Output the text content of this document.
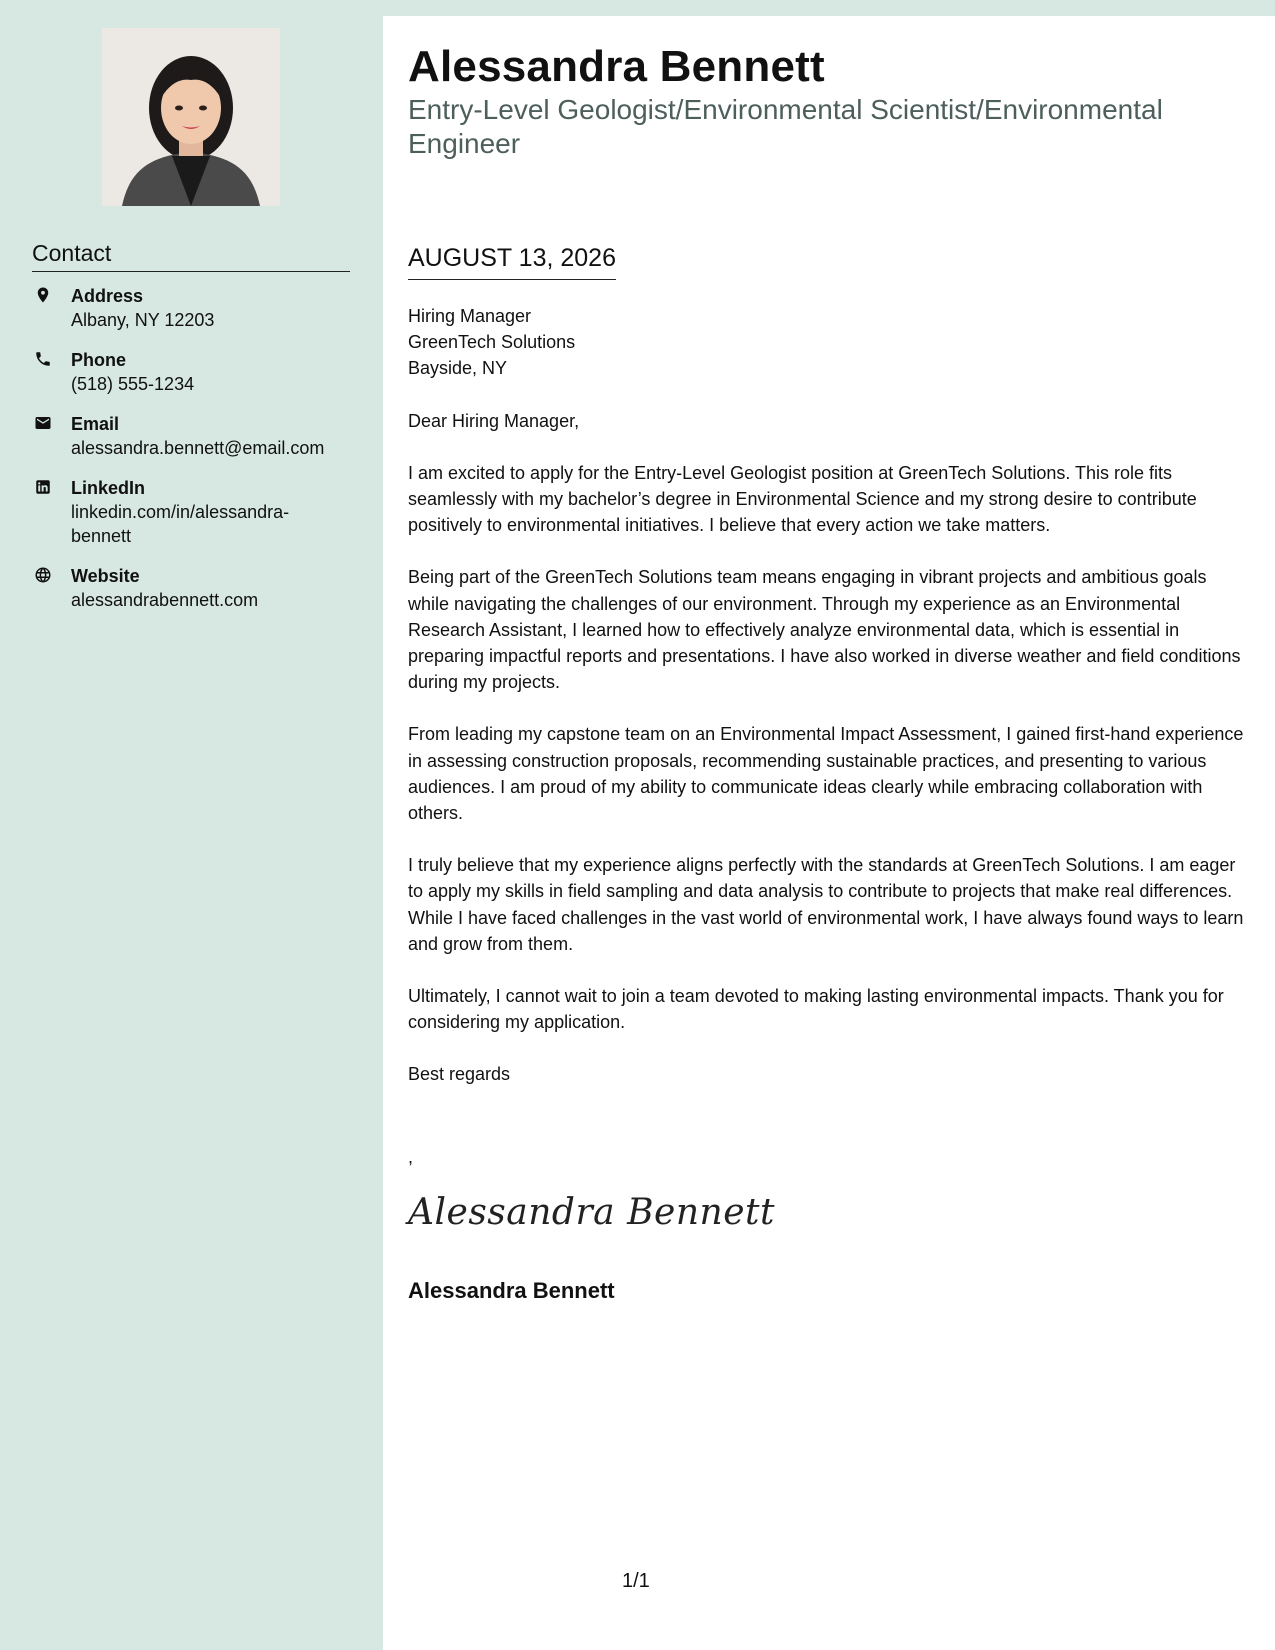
Contact
Address
Albany, NY 12203
Phone
(518) 555-1234
Email
alessandra.bennett@email.com
LinkedIn
linkedin.com/in/alessandra-bennett
Website
alessandrabennett.com
Alessandra Bennett
Entry-Level Geologist/Environmental Scientist/Environmental Engineer
AUGUST 13, 2026

Hiring Manager
GreenTech Solutions
Bayside, NY

Dear Hiring Manager,

I am excited to apply for the Entry-Level Geologist position at GreenTech Solutions. This role fits seamlessly with my bachelor’s degree in Environmental Science and my strong desire to contribute positively to environmental initiatives. I believe that every action we take matters.

Being part of the GreenTech Solutions team means engaging in vibrant projects and ambitious goals while navigating the challenges of our environment. Through my experience as an Environmental Research Assistant, I learned how to effectively analyze environmental data, which is essential in preparing impactful reports and presentations. I have also worked in diverse weather and field conditions during my projects.

From leading my capstone team on an Environmental Impact Assessment, I gained first-hand experience in assessing construction proposals, recommending sustainable practices, and presenting to various audiences. I am proud of my ability to communicate ideas clearly while embracing collaboration with others.

I truly believe that my experience aligns perfectly with the standards at GreenTech Solutions. I am eager to apply my skills in field sampling and data analysis to contribute to projects that make real differences. While I have faced challenges in the vast world of environmental work, I have always found ways to learn and grow from them.

Ultimately, I cannot wait to join a team devoted to making lasting environmental impacts. Thank you for considering my application.

Best regards

,
Alessandra Bennett
Alessandra Bennett
1/1
